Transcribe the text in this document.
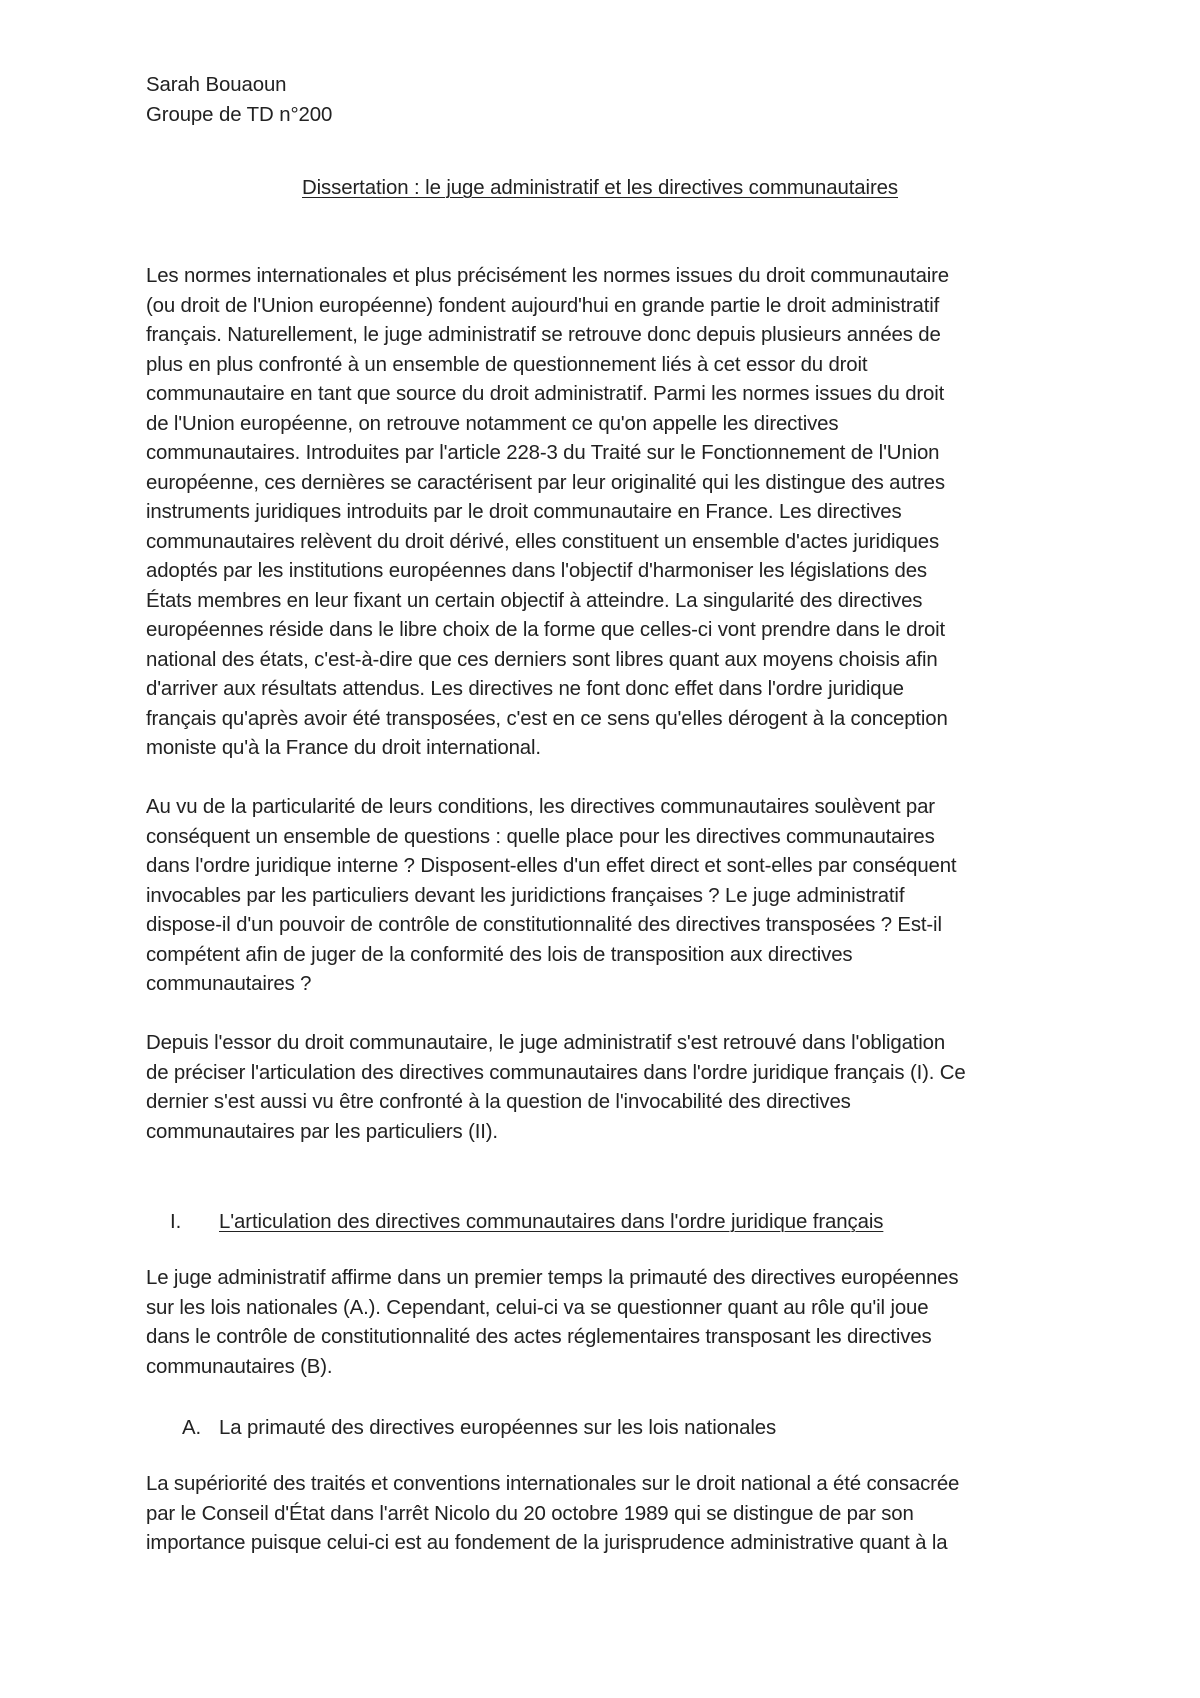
Sarah Bouaoun
Groupe de TD n°200
Dissertation : le juge administratif et les directives communautaires
Les normes internationales et plus précisément les normes issues du droit communautaire
(ou droit de l'Union européenne) fondent aujourd'hui en grande partie le droit administratif
français. Naturellement, le juge administratif se retrouve donc depuis plusieurs années de
plus en plus confronté à un ensemble de questionnement liés à cet essor du droit
communautaire en tant que source du droit administratif. Parmi les normes issues du droit
de l'Union européenne, on retrouve notamment ce qu'on appelle les directives
communautaires. Introduites par l'article 228-3 du Traité sur le Fonctionnement de l'Union
européenne, ces dernières se caractérisent par leur originalité qui les distingue des autres
instruments juridiques introduits par le droit communautaire en France. Les directives
communautaires relèvent du droit dérivé, elles constituent un ensemble d'actes juridiques
adoptés par les institutions européennes dans l'objectif d'harmoniser les législations des
États membres en leur fixant un certain objectif à atteindre. La singularité des directives
européennes réside dans le libre choix de la forme que celles-ci vont prendre dans le droit
national des états, c'est-à-dire que ces derniers sont libres quant aux moyens choisis afin
d'arriver aux résultats attendus. Les directives ne font donc effet dans l'ordre juridique
français qu'après avoir été transposées, c'est en ce sens qu'elles dérogent à la conception
moniste qu'à la France du droit international.
Au vu de la particularité de leurs conditions, les directives communautaires soulèvent par
conséquent un ensemble de questions : quelle place pour les directives communautaires
dans l'ordre juridique interne ? Disposent-elles d'un effet direct et sont-elles par conséquent
invocables par les particuliers devant les juridictions françaises ? Le juge administratif
dispose-il d'un pouvoir de contrôle de constitutionnalité des directives transposées ? Est-il
compétent afin de juger de la conformité des lois de transposition aux directives
communautaires ?
Depuis l'essor du droit communautaire, le juge administratif s'est retrouvé dans l'obligation
de préciser l'articulation des directives communautaires dans l'ordre juridique français (I). Ce
dernier s'est aussi vu être confronté à la question de l'invocabilité des directives
communautaires par les particuliers (II).
I. L'articulation des directives communautaires dans l'ordre juridique français
Le juge administratif affirme dans un premier temps la primauté des directives européennes
sur les lois nationales (A.). Cependant, celui-ci va se questionner quant au rôle qu'il joue
dans le contrôle de constitutionnalité des actes réglementaires transposant les directives
communautaires (B).
A. La primauté des directives européennes sur les lois nationales
La supériorité des traités et conventions internationales sur le droit national a été consacrée
par le Conseil d'État dans l'arrêt Nicolo du 20 octobre 1989 qui se distingue de par son
importance puisque celui-ci est au fondement de la jurisprudence administrative quant à la
